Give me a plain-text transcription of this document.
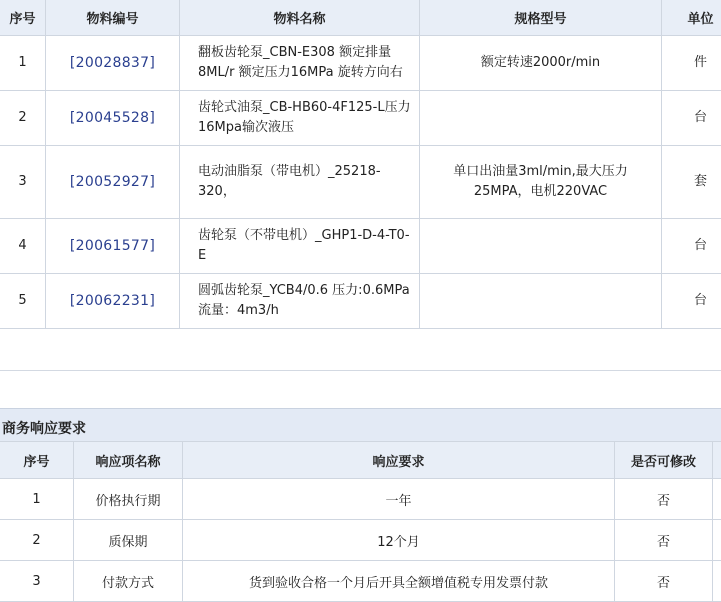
序号	物料编号	物料名称	规格型号	单位
1	[20028837]	翻板齿轮泵_CBN-E308 额定排量8ML/r 额定压力16MPa 旋转方向右	额定转速2000r/min	件
2	[20045528]	齿轮式油泵_CB-HB60-4F125-L压力16Mpa输次液压		台
3	[20052927]	电动油脂泵（带电机）_25218-320，	单口出油量3ml/min,最大压力25MPA，电机220VAC	套
4	[20061577]	齿轮泵（不带电机）_GHP1-D-4-T0-E		台
5	[20062231]	圆弧齿轮泵_YCB4/0.6 压力:0.6MPa 流量：4m3/h		台
商务响应要求
序号	响应项名称	响应要求	是否可修改	
1	价格执行期	一年	否	
2	质保期	12个月	否	
3	付款方式	货到验收合格一个月后开具全额增值税专用发票付款	否	
